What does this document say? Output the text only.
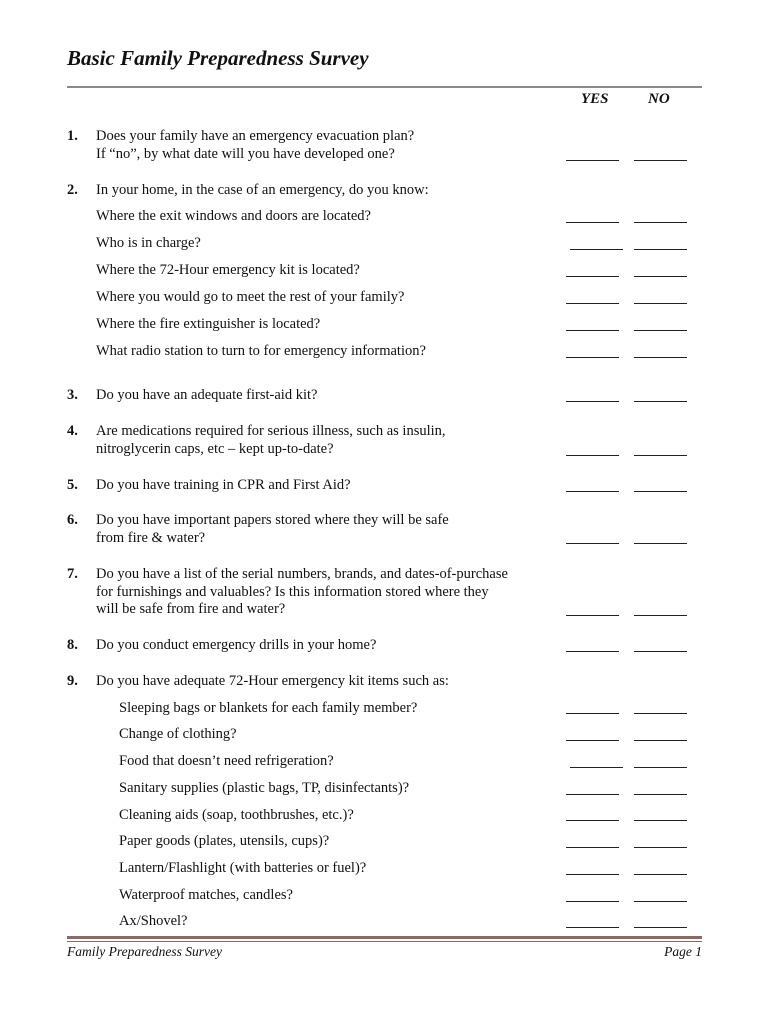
Basic Family Preparedness Survey
YES	NO
1. Does your family have an emergency evacuation plan?
If “no”, by what date will you have developed one?
2. In your home, in the case of an emergency, do you know:
Where the exit windows and doors are located?
Who is in charge?
Where the 72-Hour emergency kit is located?
Where you would go to meet the rest of your family?
Where the fire extinguisher is located?
What radio station to turn to for emergency information?
3. Do you have an adequate first-aid kit?
4. Are medications required for serious illness, such as insulin,
nitroglycerin caps, etc – kept up-to-date?
5. Do you have training in CPR and First Aid?
6. Do you have important papers stored where they will be safe
from fire & water?
7. Do you have a list of the serial numbers, brands, and dates-of-purchase
for furnishings and valuables? Is this information stored where they
will be safe from fire and water?
8. Do you conduct emergency drills in your home?
9. Do you have adequate 72-Hour emergency kit items such as:
Sleeping bags or blankets for each family member?
Change of clothing?
Food that doesn’t need refrigeration?
Sanitary supplies (plastic bags, TP, disinfectants)?
Cleaning aids (soap, toothbrushes, etc.)?
Paper goods (plates, utensils, cups)?
Lantern/Flashlight (with batteries or fuel)?
Waterproof matches, candles?
Ax/Shovel?
Family Preparedness Survey	Page 1
